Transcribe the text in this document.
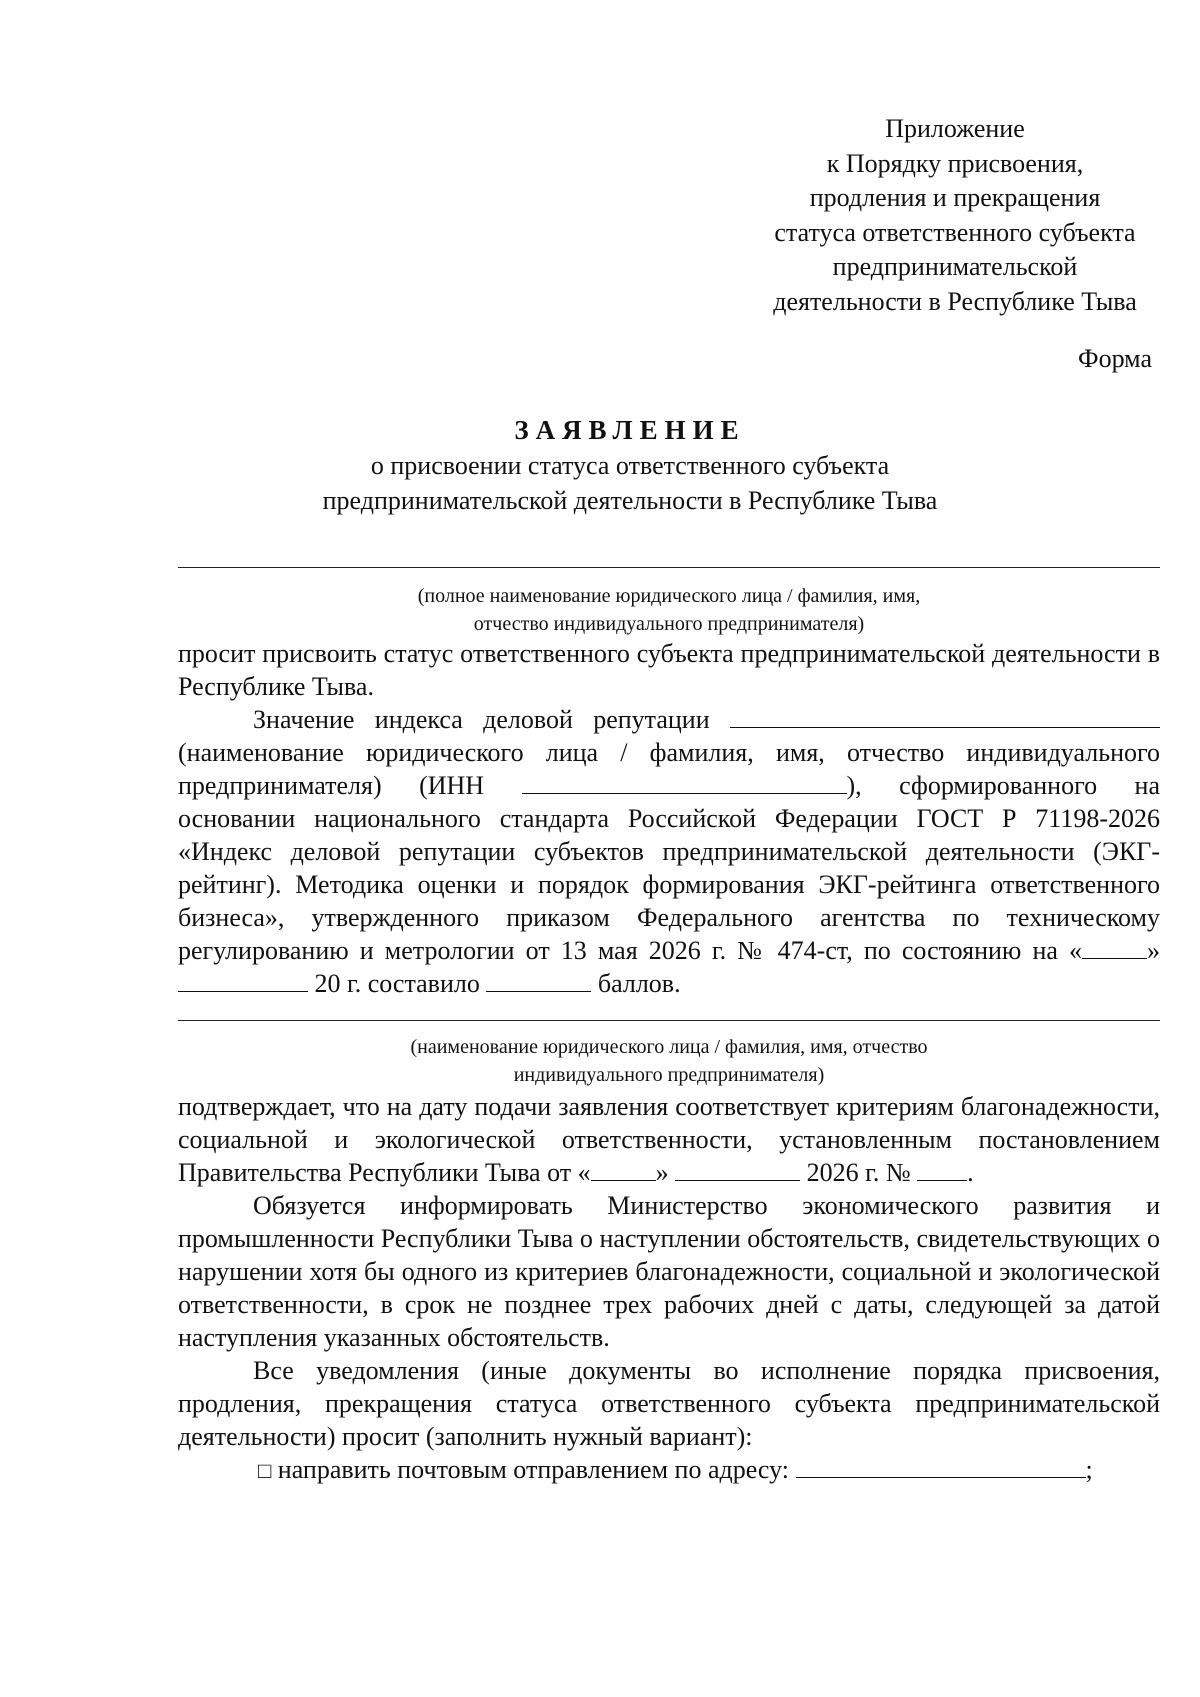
Приложение
к Порядку присвоения,
продления и прекращения
статуса ответственного субъекта
предпринимательской
деятельности в Республике Тыва
Форма
ЗАЯВЛЕНИЕ
о присвоении статуса ответственного субъекта
предпринимательской деятельности в Республике Тыва
(полное наименование юридического лица / фамилия, имя,
отчество индивидуального предпринимателя)

просит присвоить статус ответственного субъекта предпринимательской деятельности в Республике Тыва.

Значение индекса деловой репутации  (наименование юридического лица / фамилия, имя, отчество индивидуального предпринимателя) (ИНН	), сформированного на основании национального стандарта Российской Федерации ГОСТ Р 71198-2026 «Индекс деловой репутации субъектов предпринимательской деятельности (ЭКГ-рейтинг). Методика оценки и порядок формирования ЭКГ-рейтинга ответственного бизнеса», утвержденного приказом Федерального агентства по техническому регулированию и метрологии от 13 мая 2026 г. № 474-ст, по состоянию на «	»  20 г. составило	баллов.

(наименование юридического лица / фамилия, имя, отчество
индивидуального предпринимателя)

подтверждает, что на дату подачи заявления соответствует критериям благонадежности, социальной и экологической ответственности, установленным постановлением Правительства Республики Тыва от «	»	2026 г. № .

Обязуется информировать Министерство экономического развития и промышленности Республики Тыва о наступлении обстоятельств, свидетельствующих о нарушении хотя бы одного из критериев благонадежности, социальной и экологической ответственности, в срок не позднее трех рабочих дней с даты, следующей за датой наступления указанных обстоятельств.

Все уведомления (иные документы во исполнение порядка присвоения, продления, прекращения статуса ответственного субъекта предпринимательской деятельности) просит (заполнить нужный вариант):

□ направить почтовым отправлением по адресу:	;
